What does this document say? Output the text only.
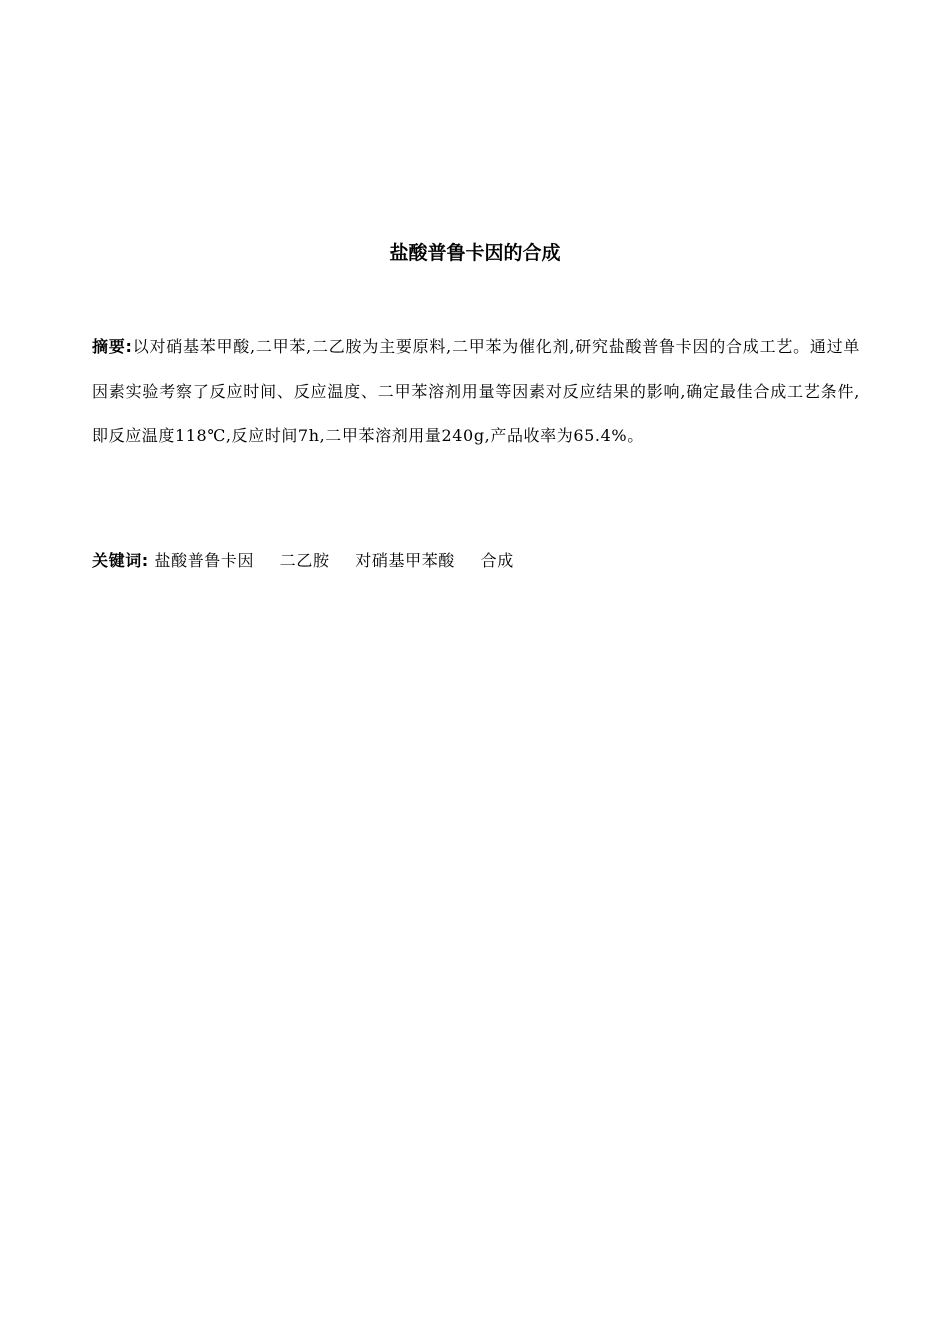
盐酸普鲁卡因的合成
摘要:以对硝基苯甲酸,二甲苯,二乙胺为主要原料,二甲苯为催化剂,研究盐酸普鲁卡因的合成工艺。通过单因素实验考察了反应时间、反应温度、二甲苯溶剂用量等因素对反应结果的影响,确定最佳合成工艺条件,即反应温度118℃,反应时间7h,二甲苯溶剂用量240g,产品收率为65.4%。
关键词: 盐酸普鲁卡因 二乙胺 对硝基甲苯酸 合成
